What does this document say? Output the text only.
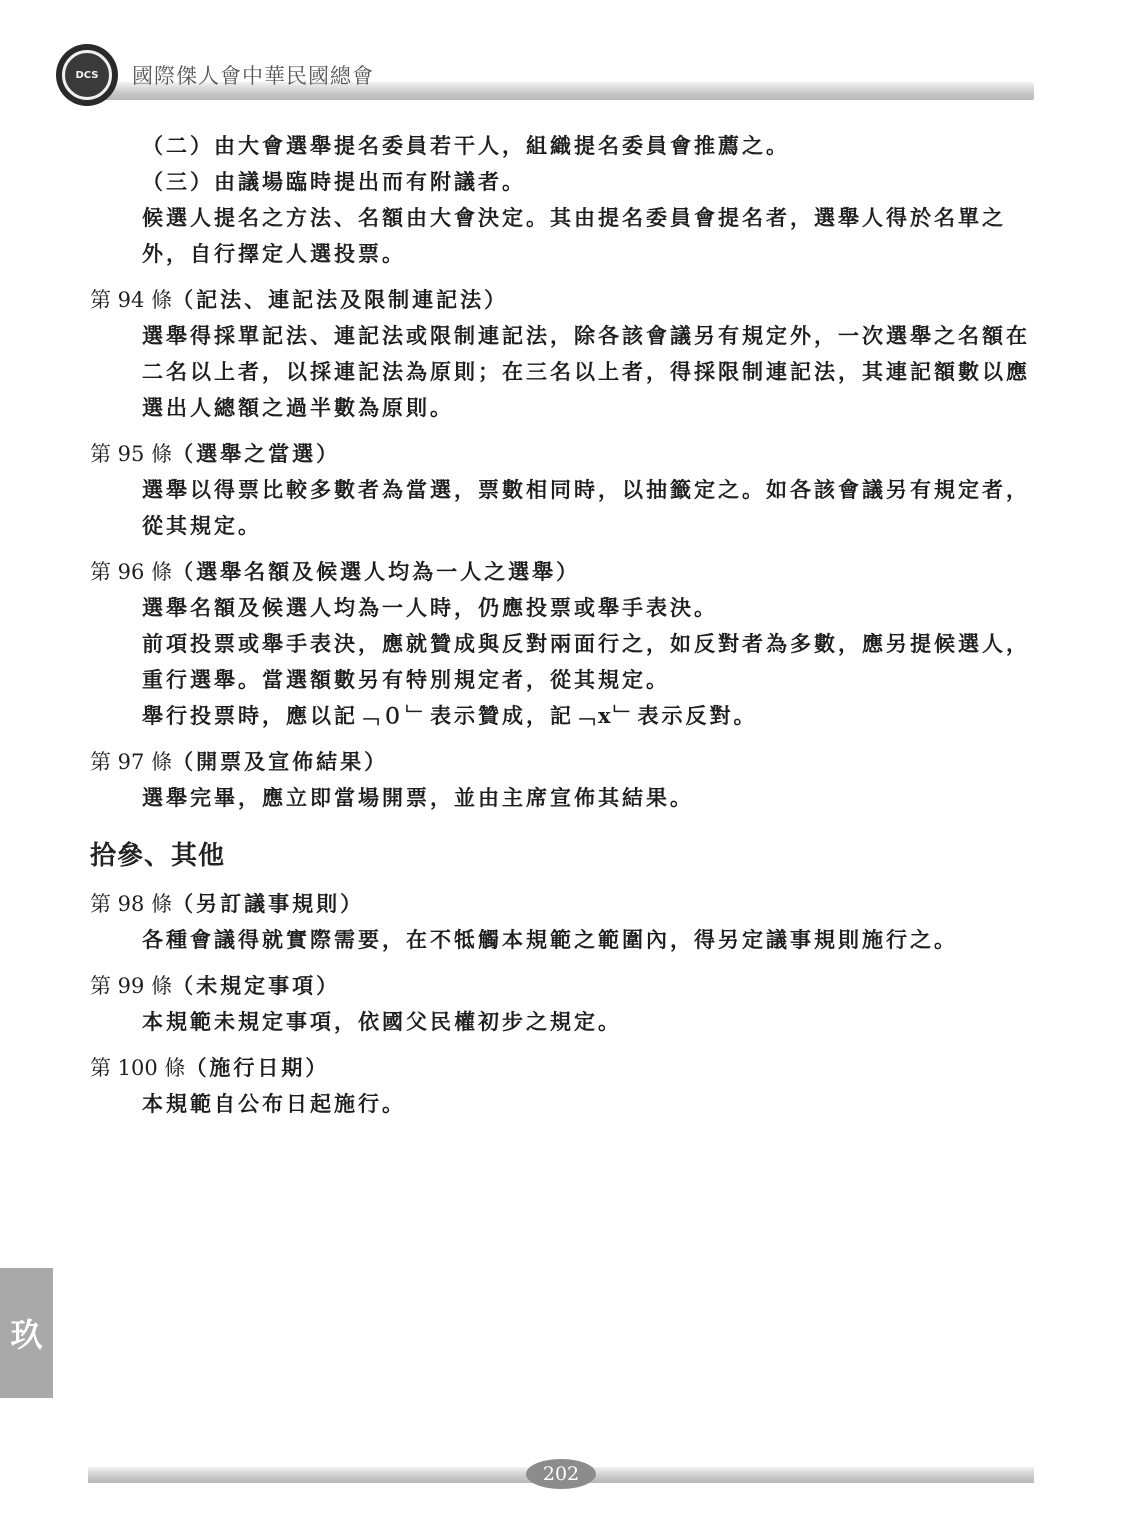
DCS 國際傑人會中華民國總會

（二）由大會選舉提名委員若干人，組織提名委員會推薦之。

（三）由議場臨時提出而有附議者。

候選人提名之方法、名額由大會決定。其由提名委員會提名者，選舉人得於名單之外，自行擇定人選投票。

第 94 條（記法、連記法及限制連記法）

選舉得採單記法、連記法或限制連記法，除各該會議另有規定外，一次選舉之名額在二名以上者，以採連記法為原則；在三名以上者，得採限制連記法，其連記額數以應選出人總額之過半數為原則。

第 95 條（選舉之當選）

選舉以得票比較多數者為當選，票數相同時，以抽籤定之。如各該會議另有規定者，從其規定。

第 96 條（選舉名額及候選人均為一人之選舉）

選舉名額及候選人均為一人時，仍應投票或舉手表決。

前項投票或舉手表決，應就贊成與反對兩面行之，如反對者為多數，應另提候選人，重行選舉。當選額數另有特別規定者，從其規定。

舉行投票時，應以記﹁０﹂表示贊成，記﹁x﹂表示反對。

第 97 條（開票及宣佈結果）

選舉完畢，應立即當場開票，並由主席宣佈其結果。

拾參、其他

第 98 條（另訂議事規則）

各種會議得就實際需要，在不牴觸本規範之範圍內，得另定議事規則施行之。

第 99 條（未規定事項）

本規範未規定事項，依國父民權初步之規定。

第 100 條（施行日期）

本規範自公布日起施行。

玖
202
